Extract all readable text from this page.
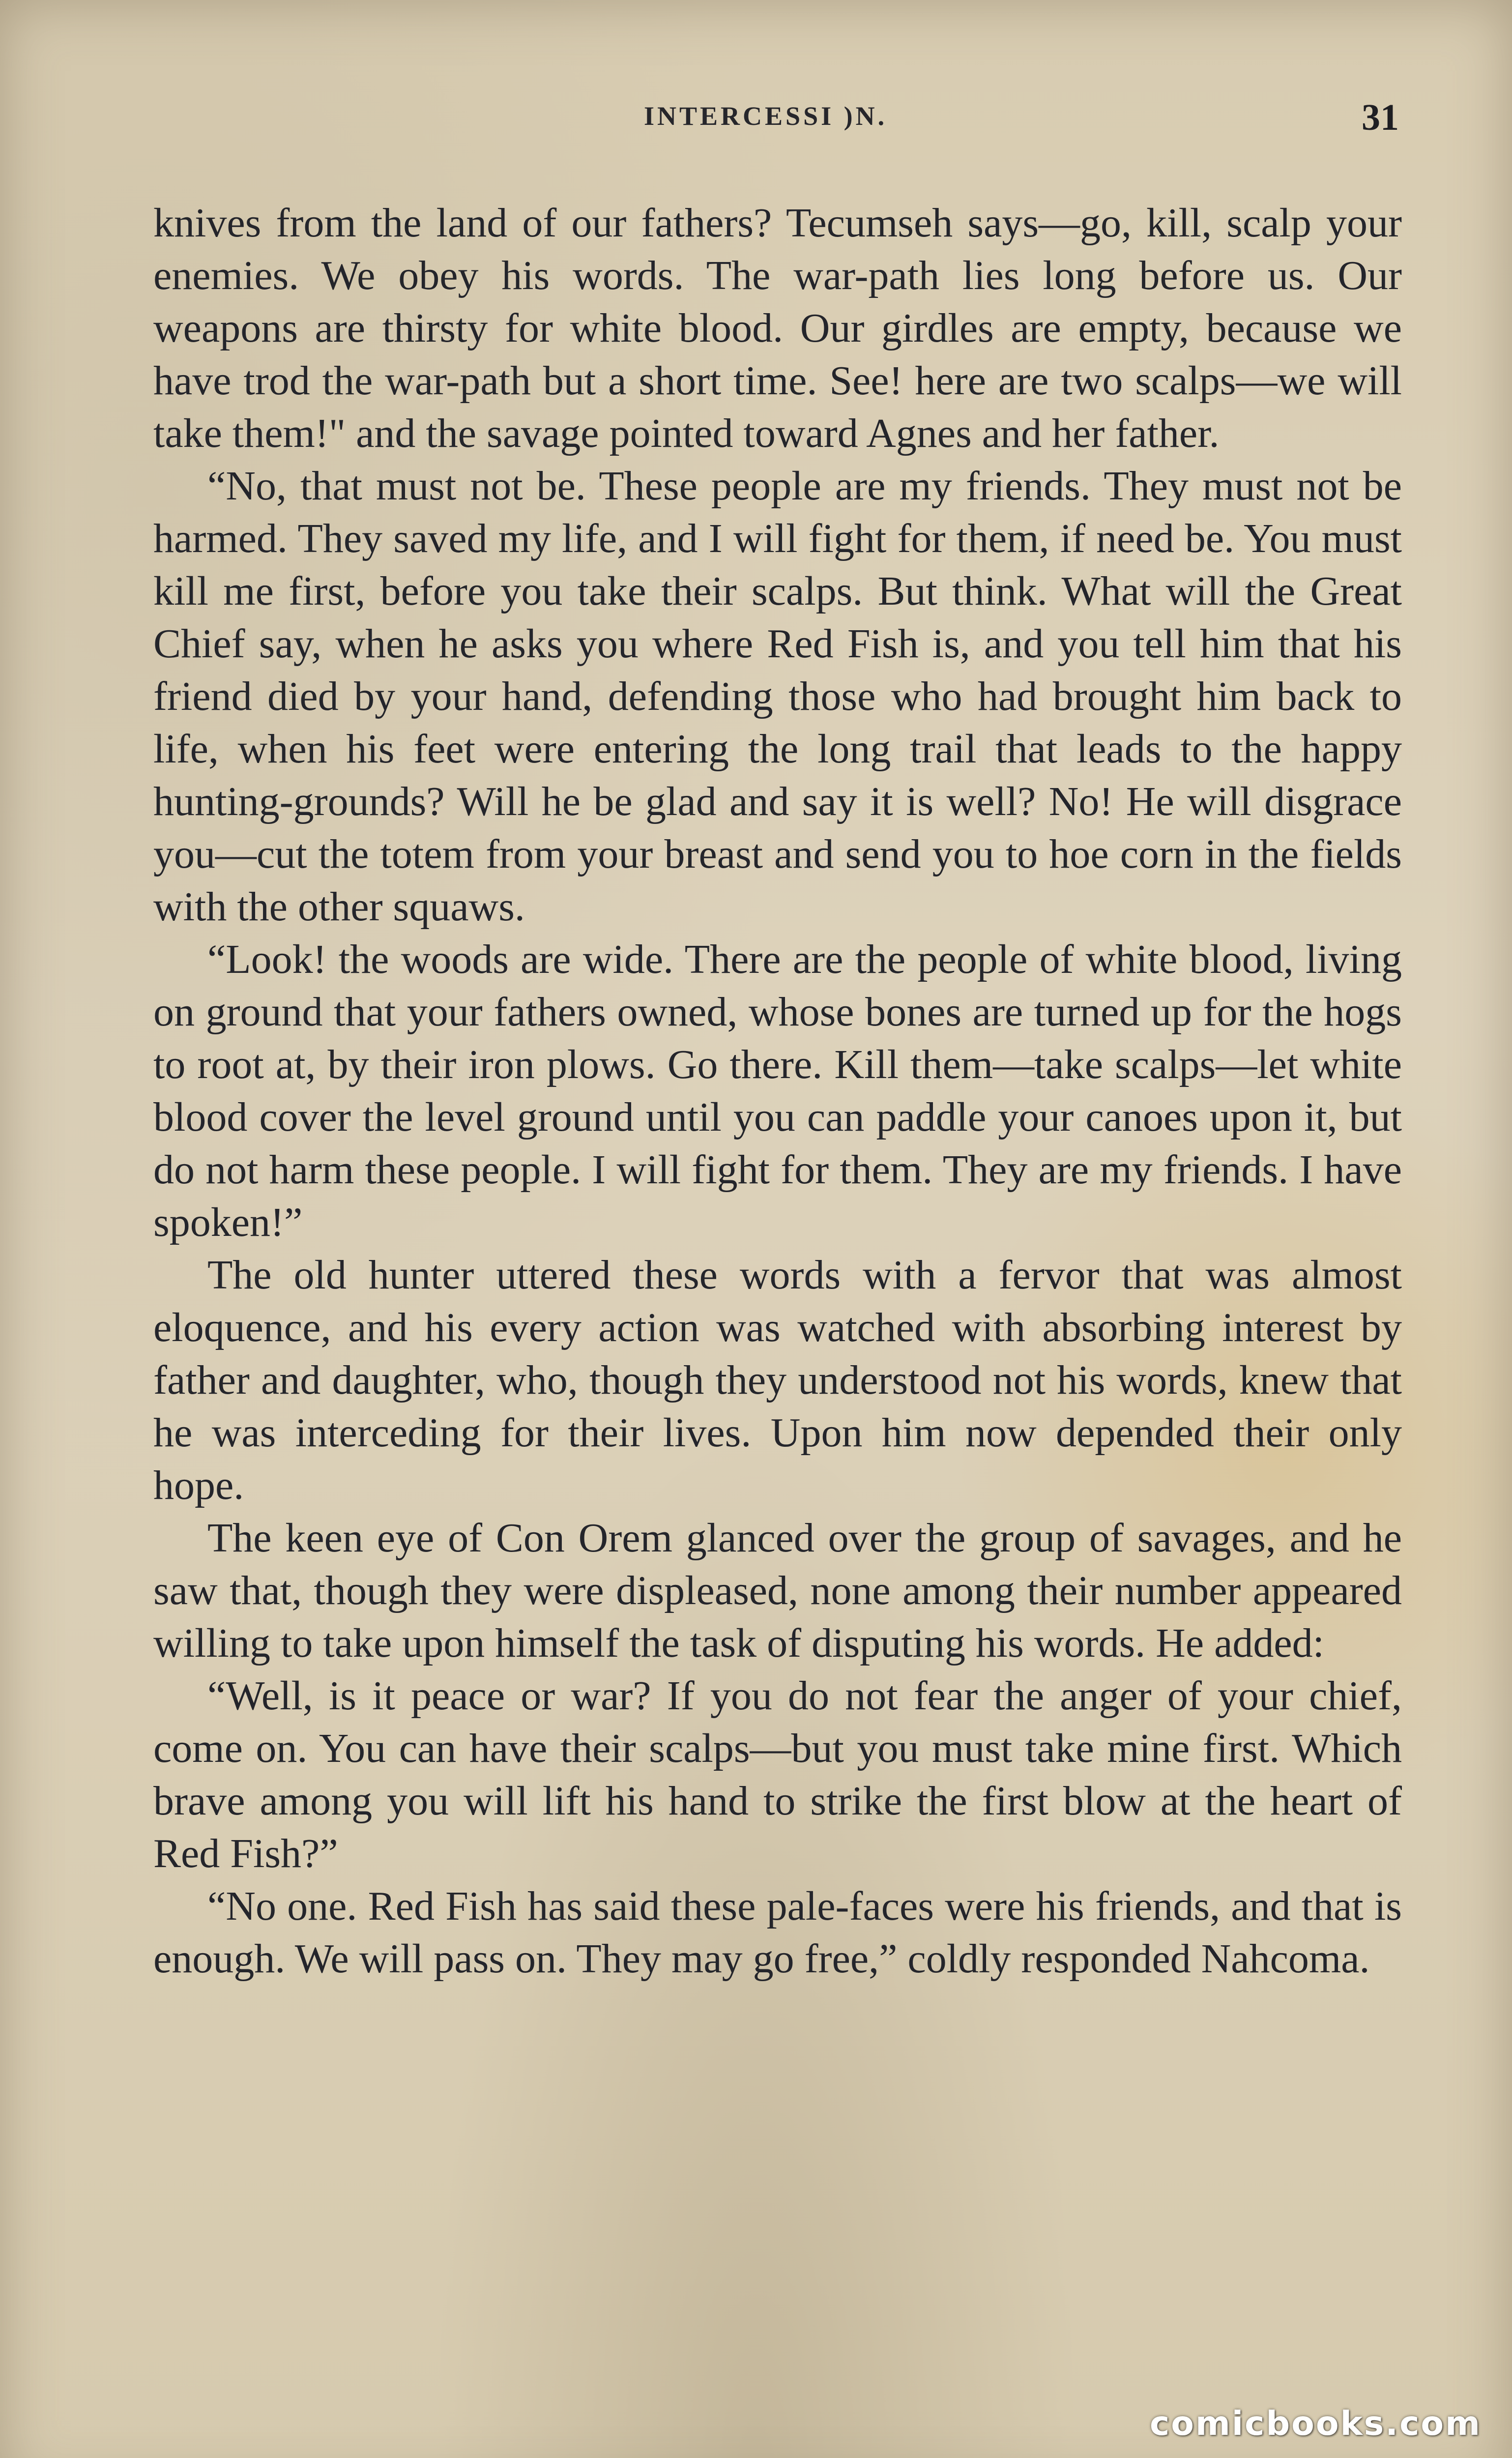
INTERCESSI )N.	31

knives from the land of our fathers? Tecumseh says—go, kill, scalp your enemies. We obey his words. The war-path lies long before us. Our weapons are thirsty for white blood. Our girdles are empty, because we have trod the war-path but a short time. See! here are two scalps—we will take them!" and the savage pointed toward Agnes and her father.

“No, that must not be. These people are my friends. They must not be harmed. They saved my life, and I will fight for them, if need be. You must kill me first, before you take their scalps. But think. What will the Great Chief say, when he asks you where Red Fish is, and you tell him that his friend died by your hand, defending those who had brought him back to life, when his feet were entering the long trail that leads to the happy hunting-grounds? Will he be glad and say it is well? No! He will disgrace you—cut the totem from your breast and send you to hoe corn in the fields with the other squaws.

“Look! the woods are wide. There are the people of white blood, living on ground that your fathers owned, whose bones are turned up for the hogs to root at, by their iron plows. Go there. Kill them—take scalps—let white blood cover the level ground until you can paddle your canoes upon it, but do not harm these people. I will fight for them. They are my friends. I have spoken!”

The old hunter uttered these words with a fervor that was almost eloquence, and his every action was watched with absorbing interest by father and daughter, who, though they understood not his words, knew that he was interceding for their lives. Upon him now depended their only hope.

The keen eye of Con Orem glanced over the group of savages, and he saw that, though they were displeased, none among their number appeared willing to take upon himself the task of disputing his words. He added:

“Well, is it peace or war? If you do not fear the anger of your chief, come on. You can have their scalps—but you must take mine first. Which brave among you will lift his hand to strike the first blow at the heart of Red Fish?”

“No one. Red Fish has said these pale-faces were his friends, and that is enough. We will pass on. They may go free,” coldly responded Nahcoma.

comicbooks.com
